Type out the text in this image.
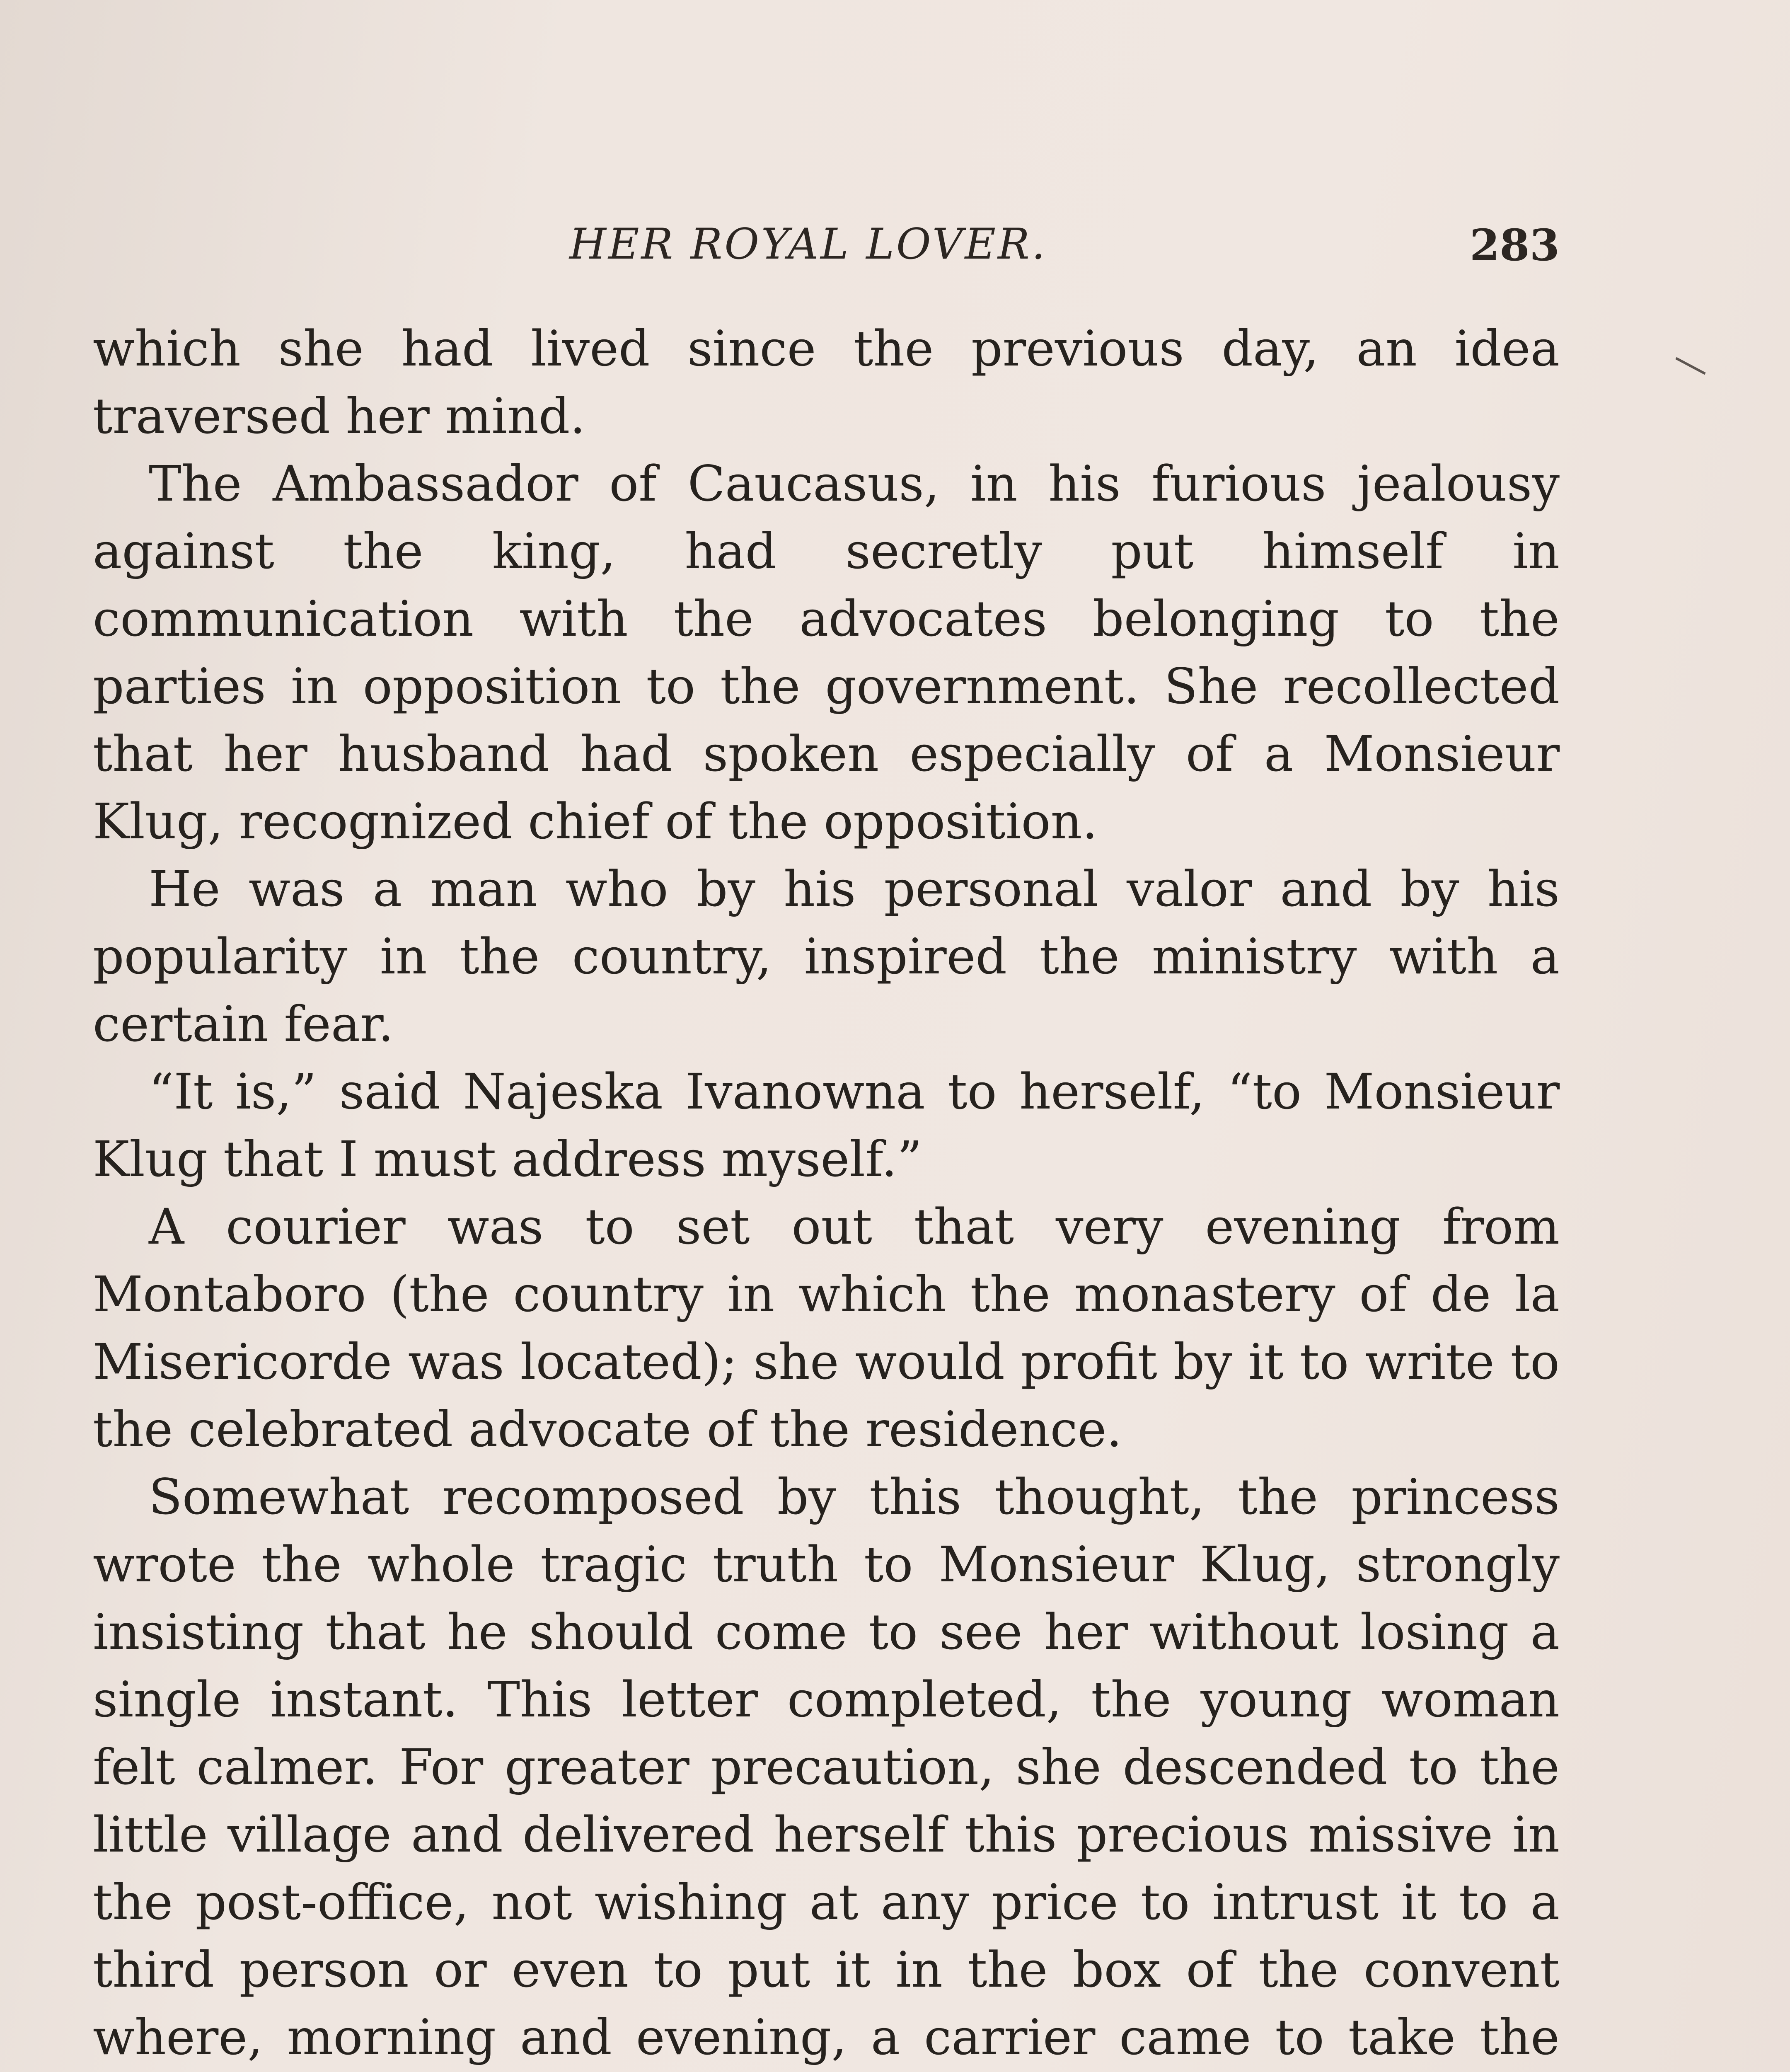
HER ROYAL LOVER.	283

which she had lived since the previous day, an idea traversed her mind.

The Ambassador of Caucasus, in his furious jealousy against the king, had secretly put himself in communication with the advocates belonging to the parties in opposition to the government. She recollected that her husband had spoken especially of a Monsieur Klug, recognized chief of the opposition.

He was a man who by his personal valor and by his popularity in the country, inspired the ministry with a certain fear.

“It is,” said Najeska Ivanowna to herself, “to Monsieur Klug that I must address myself.”

A courier was to set out that very evening from Montaboro (the country in which the monastery of de la Misericorde was located); she would profit by it to write to the celebrated advocate of the residence.

Somewhat recomposed by this thought, the princess wrote the whole tragic truth to Monsieur Klug, strongly insisting that he should come to see her without losing a single instant. This letter completed, the young woman felt calmer. For greater precaution, she descended to the little village and delivered herself this precious missive in the post-office, not wishing at any price to intrust it to a third person or even to put it in the box of the convent where, morning and evening, a carrier came to take the
